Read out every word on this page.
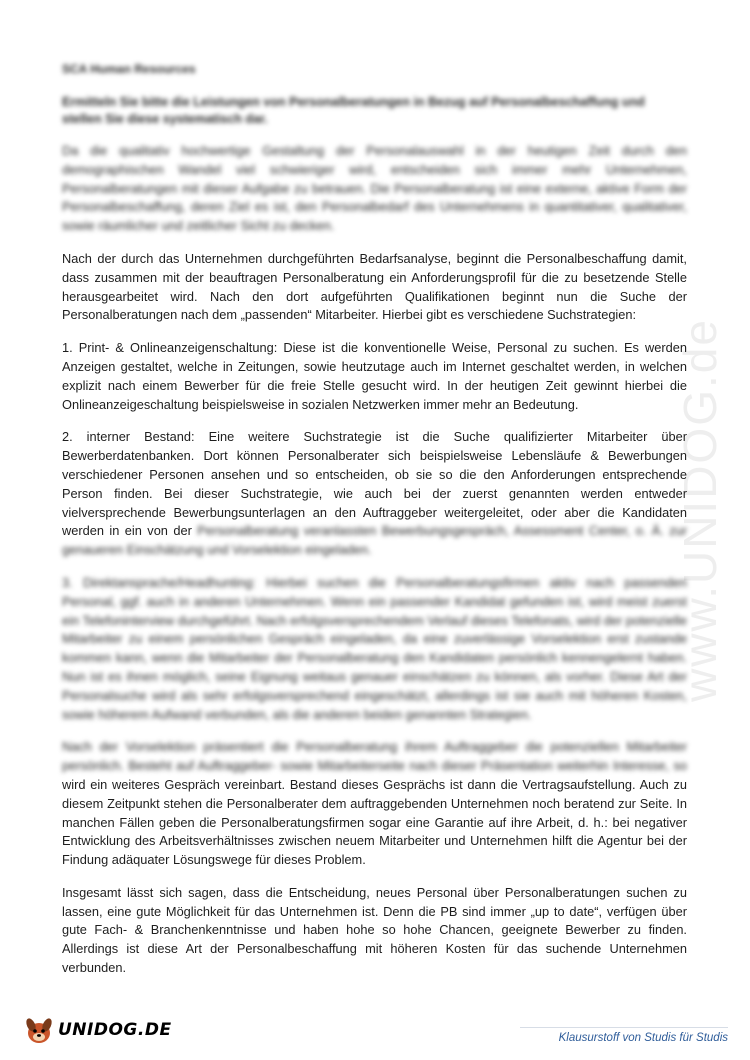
www.UNIDOG.de
SCA Human Resources
Ermitteln Sie bitte die Leistungen von Personalberatungen in Bezug auf Personalbeschaffung und stellen Sie diese systematisch dar.

Da die qualitativ hochwertige Gestaltung der Personalauswahl in der heutigen Zeit durch den demographischen Wandel viel schwieriger wird, entscheiden sich immer mehr Unternehmen, Personalberatungen mit dieser Aufgabe zu betrauen. Die Personalberatung ist eine externe, aktive Form der Personalbeschaffung, deren Ziel es ist, den Personalbedarf des Unternehmens in quantitativer, qualitativer, sowie räumlicher und zeitlicher Sicht zu decken.

Nach der durch das Unternehmen durchgeführten Bedarfsanalyse, beginnt die Personalbeschaffung damit, dass zusammen mit der beauftragen Personalberatung ein Anforderungsprofil für die zu besetzende Stelle herausgearbeitet wird. Nach den dort aufgeführten Qualifikationen beginnt nun die Suche der Personalberatungen nach dem „passenden“ Mitarbeiter. Hierbei gibt es verschiedene Suchstrategien:

1. Print- & Onlineanzeigenschaltung: Diese ist die konventionelle Weise, Personal zu suchen. Es werden Anzeigen gestaltet, welche in Zeitungen, sowie heutzutage auch im Internet geschaltet werden, in welchen explizit nach einem Bewerber für die freie Stelle gesucht wird. In der heutigen Zeit gewinnt hierbei die Onlineanzeigeschaltung beispielsweise in sozialen Netzwerken immer mehr an Bedeutung.

2. interner Bestand: Eine weitere Suchstrategie ist die Suche qualifizierter Mitarbeiter über Bewerberdatenbanken. Dort können Personalberater sich beispielsweise Lebensläufe & Bewerbungen verschiedener Personen ansehen und so entscheiden, ob sie so die den Anforderungen entsprechende Person finden. Bei dieser Suchstrategie, wie auch bei der zuerst genannten werden entweder vielversprechende Bewerbungsunterlagen an den Auftraggeber weitergeleitet, oder aber die Kandidaten werden in ein von der Personalberatung veranlassten Bewerbungsgespräch, Assessment Center, o. Ä. zur genaueren Einschätzung und Vorselektion eingeladen.

3. Direktansprache/Headhunting: Hierbei suchen die Personalberatungsfirmen aktiv nach passenden Personal, ggf. auch in anderen Unternehmen. Wenn ein passender Kandidat gefunden ist, wird meist zuerst ein Telefoninterview durchgeführt. Nach erfolgsversprechendem Verlauf dieses Telefonats, wird der potenzielle Mitarbeiter zu einem persönlichen Gespräch eingeladen, da eine zuverlässige Vorselektion erst zustande kommen kann, wenn die Mitarbeiter der Personalberatung den Kandidaten persönlich kennengelernt haben. Nun ist es ihnen möglich, seine Eignung weitaus genauer einschätzen zu können, als vorher. Diese Art der Personalsuche wird als sehr erfolgsversprechend eingeschätzt, allerdings ist sie auch mit höheren Kosten, sowie höherem Aufwand verbunden, als die anderen beiden genannten Strategien.

Nach der Vorselektion präsentiert die Personalberatung ihrem Auftraggeber die potenziellen Mitarbeiter persönlich. Besteht auf Auftraggeber- sowie Mitarbeiterseite nach dieser Präsentation weiterhin Interesse, so wird ein weiteres Gespräch vereinbart. Bestand dieses Gesprächs ist dann die Vertragsaufstellung. Auch zu diesem Zeitpunkt stehen die Personalberater dem auftraggebenden Unternehmen noch beratend zur Seite. In manchen Fällen geben die Personalberatungsfirmen sogar eine Garantie auf ihre Arbeit, d. h.: bei negativer Entwicklung des Arbeitsverhältnisses zwischen neuem Mitarbeiter und Unternehmen hilft die Agentur bei der Findung adäquater Lösungswege für dieses Problem.

Insgesamt lässt sich sagen, dass die Entscheidung, neues Personal über Personalberatungen suchen zu lassen, eine gute Möglichkeit für das Unternehmen ist. Denn die PB sind immer „up to date“, verfügen über gute Fach- & Branchenkenntnisse und haben hohe so hohe Chancen, geeignete Bewerber zu finden. Allerdings ist diese Art der Personalbeschaffung mit höheren Kosten für das suchende Unternehmen verbunden.

UNIDOG.DE	Klausurstoff von Studis für Studis
